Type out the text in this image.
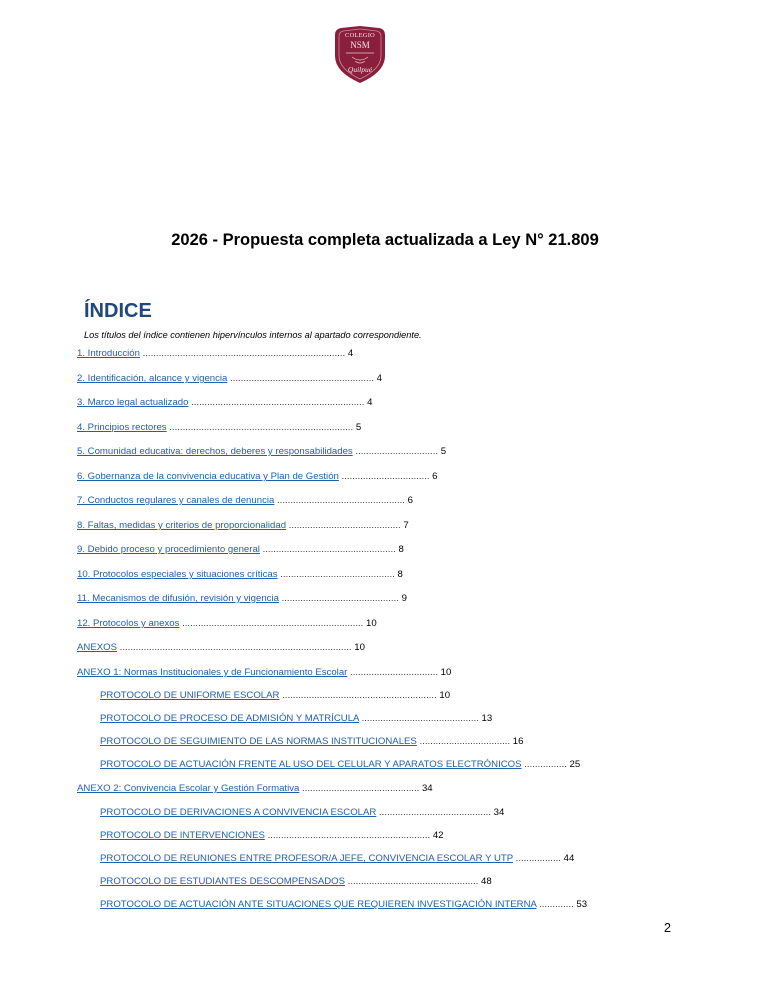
COLEGIO
NSM
Quilpué
2026 - Propuesta completa actualizada a Ley N° 21.809
ÍNDICE
Los títulos del índice contienen hipervínculos internos al apartado correspondiente.
1. Introducción ............................................................................ 4
2. Identificación, alcance y vigencia ...................................................... 4
3. Marco legal actualizado ................................................................. 4
4. Principios rectores ..................................................................... 5
5. Comunidad educativa: derechos, deberes y responsabilidades ............................... 5
6. Gobernanza de la convivencia educativa y Plan de Gestión ................................. 6
7. Conductos regulares y canales de denuncia ................................................ 6
8. Faltas, medidas y criterios de proporcionalidad .......................................... 7
9. Debido proceso y procedimiento general .................................................. 8
10. Protocolos especiales y situaciones críticas ........................................... 8
11. Mecanismos de difusión, revisión y vigencia ............................................ 9
12. Protocolos y anexos .................................................................... 10
ANEXOS ....................................................................................... 10
ANEXO 1: Normas Institucionales y de Funcionamiento Escolar ................................. 10
PROTOCOLO DE UNIFORME ESCOLAR .......................................................... 10
PROTOCOLO DE PROCESO DE ADMISIÓN Y MATRÍCULA ............................................ 13
PROTOCOLO DE SEGUIMIENTO DE LAS NORMAS INSTITUCIONALES .................................. 16
PROTOCOLO DE ACTUACIÓN FRENTE AL USO DEL CELULAR Y APARATOS ELECTRÓNICOS ................ 25
ANEXO 2: Convivencia Escolar y Gestión Formativa ............................................ 34
PROTOCOLO DE DERIVACIONES A CONVIVENCIA ESCOLAR .......................................... 34
PROTOCOLO DE INTERVENCIONES ............................................................. 42
PROTOCOLO DE REUNIONES ENTRE PROFESOR/A JEFE, CONVIVENCIA ESCOLAR Y UTP ................. 44
PROTOCOLO DE ESTUDIANTES DESCOMPENSADOS ................................................. 48
PROTOCOLO DE ACTUACIÓN ANTE SITUACIONES QUE REQUIEREN INVESTIGACIÓN INTERNA ............. 53
2
